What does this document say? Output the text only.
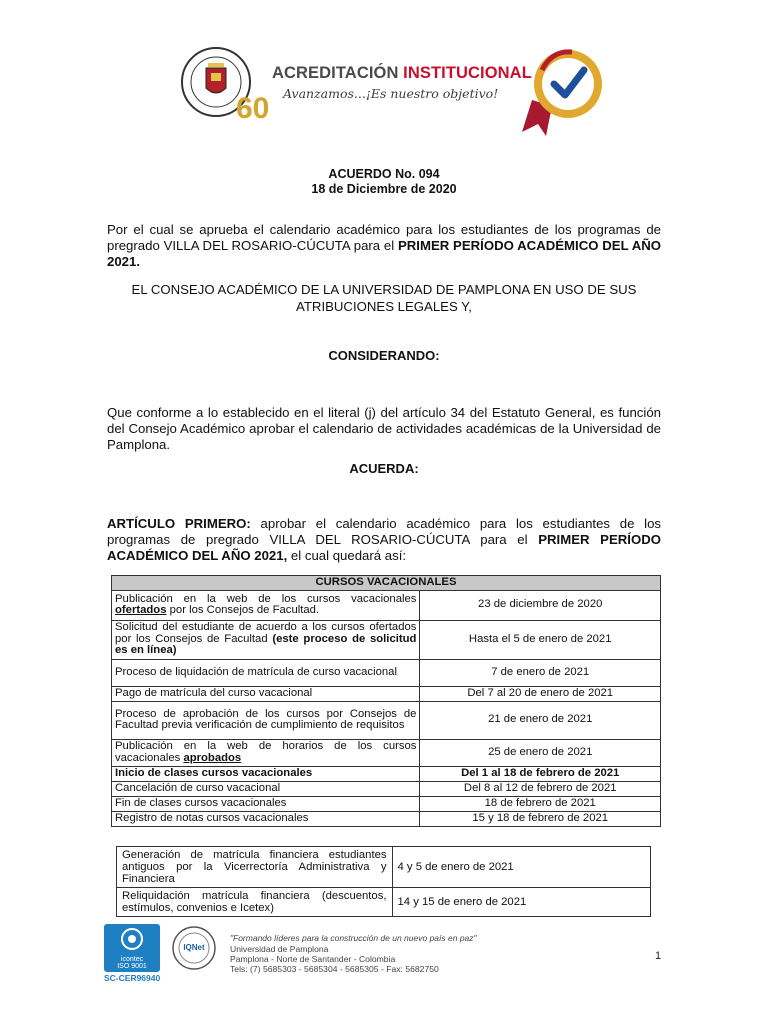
60
ACREDITACIÓN INSTITUCIONAL
Avanzamos...¡Es nuestro objetivo!
ACUERDO No. 094
18 de Diciembre de 2020
Por el cual se aprueba el calendario académico para los estudiantes de los programas de pregrado VILLA DEL ROSARIO-CÚCUTA para el PRIMER PERÍODO ACADÉMICO DEL AÑO 2021.
EL CONSEJO ACADÉMICO DE LA UNIVERSIDAD DE PAMPLONA EN USO DE SUS ATRIBUCIONES LEGALES Y,
CONSIDERANDO:
Que conforme a lo establecido en el literal (j) del artículo 34 del Estatuto General, es función del Consejo Académico aprobar el calendario de actividades académicas de la Universidad de Pamplona.
ACUERDA:
ARTÍCULO PRIMERO: aprobar el calendario académico para los estudiantes de los programas de pregrado VILLA DEL ROSARIO-CÚCUTA para el PRIMER PERÍODO ACADÉMICO DEL AÑO 2021, el cual quedará así:
CURSOS VACACIONALES	
Publicación en la web de los cursos vacacionales ofertados por los Consejos de Facultad.	23 de diciembre de 2020
Solicitud del estudiante de acuerdo a los cursos ofertados por los Consejos de Facultad (este proceso de solicitud es en línea)	Hasta el 5 de enero de 2021
Proceso de liquidación de matrícula de curso vacacional	7 de enero de 2021
Pago de matrícula del curso vacacional	Del 7 al 20 de enero de 2021
Proceso de aprobación de los cursos por Consejos de Facultad previa verificación de cumplimiento de requisitos	21 de enero de 2021
Publicación en la web de horarios de los cursos vacacionales aprobados	25 de enero de 2021
Inicio de clases cursos vacacionales	Del 1 al 18 de febrero de 2021
Cancelación de curso vacacional	Del 8 al 12 de febrero de 2021
Fin de clases cursos vacacionales	18 de febrero de 2021
Registro de notas cursos vacacionales	15 y 18 de febrero de 2021
Generación de matrícula financiera estudiantes antiguos por la Vicerrectoría Administrativa y Financiera	4 y 5 de enero de 2021
Reliquidación matrícula financiera (descuentos, estímulos, convenios e Icetex)	14 y 15 de enero de 2021
icontec
ISO 9001
IQNet
SC-CER96940
"Formando líderes para la construcción de un nuevo país en paz"
Universidad de Pamplona
Pamplona - Norte de Santander - Colombia
Tels: (7) 5685303 - 5685304 - 5685305 - Fax: 5682750
1
